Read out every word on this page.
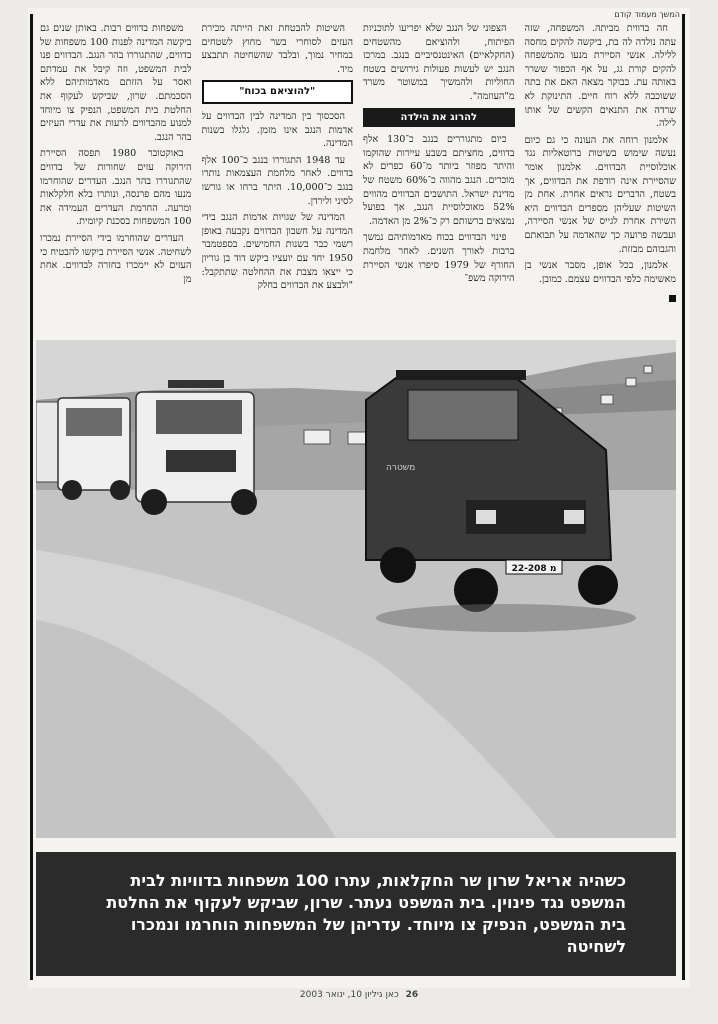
המשך מעמוד קודם

משפחות בדווים רבות. באותן שנים גם ביקשה המדינה לפנות 100 משפחות של בדווים, שהתגוררו בהר הנגב. הבדווים פנו לבית המשפט, וזה קיבל את עמדתם ואסר על הזזתם מאדמותיהם ללא הסכמתם. שרון, שביקש לעקוף את החלטת בית המשפט, הנפיק צו מיוחד למנוע מהבדווים לרעות את עדרי העיזים בהר הנגב.

באוקטובר 1980 תפסה הסיירת הירוקה עזים שחורות של בדווים שהתגוררו בהר הנגב. העדרים שהוחרמו מנעו מהם פרנסה, ונותרו בלא חלקלאות ומרעה. החרמת העדרים העמידה את 100 המשפחות בסכנת קיומית.

העדרים שהוחרמו בידי הסיירת נמכרו לשחיטה. אנשי הסיירת ביקשו להבטיח כי העזים לא יימכרו בחזרה לבדווים. אחת מן

השיטות להבטחת זאת הייתה מכירת העזים לסוחרי בשר מחוץ לשטחים במחיר נמוך, ובלבד שהשחיטה תתבצע מיד.

"להוציאם בכוח"

הסכסוך בין המדינה לבין הבדווים על אדמות הנגב אינו מזמן. גלגלו בשנות המדינה.

עד 1948 התגוררו בנגב כ־100 אלף בדווים. לאחר מלחמת העצמאות נותרו בנגב כ־10,000. היתר ברחו או גורשו לסיני ולירדן.

המדינה של שגויות אדמות הנגב בידי המדינה על חשבון הבדווים נקבעה באופן רשמי כבר בשנות החמישים. בספטמבר 1950 יחד עם יועציו ביקש דוד בן גוריון כי ייצאו מצבת את ההחלטה שתתקבל: "ולבצע את הבדווים בחלק

הצפוני של הנגב שלא יפריעו לתוכניות הפיתוח, ולהוציאם מהשטחים (החקלאיים) האינטנסיביים בנגב. במרכז הנגב יש לעשות פעולות גירושים בשטח החוליות ולהמשיך במשוטר משרד מ"העוזמה".

להרוג את הילדה

כיום מתגוררים בנגב כ־130 אלף בדווים, מחציתם בשבע עיירות שהוקמו והיתר מפוזר ביותר מ־60 כפרים לא מוכרים. הנגב מהווה כ־60% משטח של מדינת ישראל. התושבים הבדווים מהווים 52% מאוכלוסיית הנגב, אך בפועל נמצאים ברשותם רק כ־2% מן האדמה.

פינוי הבדווים בכוח מאדמותיהם נמשך ברבות לאורך השנים. לאחר מלחמת החורף של 1979 סיפרו אנשי הסיירת הירוקה משפ־

חה בדווית מביתה. המשפחה, שזה עתה נולדה לה בת, ביקשה להקים מחסה ללילה. אנשי הסיירת מנעו מהמשפחה להקים קורת גג, על אף הכפור ששרר באותה עת. בבוקר מצאה האם את בתה ששוכבה ללא רוח חיים. התינוקת לא שרדה את התנאים הקשים של אותו לילה.

אלמנון רוחה את העונה כי גם כיום נעשה שימוש בשיטות ברוטאליות נגד אוכלוסיית הבדווים. אלמנון אומר שהסיירת אינה רודפת את הבדווים, אך בשטח, הדברים נראים אחרת. אחת מן השיטות שעליהן מספרים הבדווים היא השירת אחרת לגייס של אנשי הסיירה, ועבשה פרועה כך שהאדמה על תבואתם והגבוהם מבזזת.

אלמנון, בכל אופן, מסבר אנשי בן מאשימה כלפי הבדווים עצמם. כמובן.

22-208 מ
משטרה
כשהיה אריאל שרון שר החקלאות, עתרו 100 משפחות בדוויות לבית המשפט נגד פינוין. בית המשפט נעתר. שרון, שביקש לעקוף את החלטת בית המשפט, הנפיק צו מיוחד. עדריהן של המשפחות הוחרמו ונמכרו לשחיטה
26 כאן גיליון 10, ינואר 2003
